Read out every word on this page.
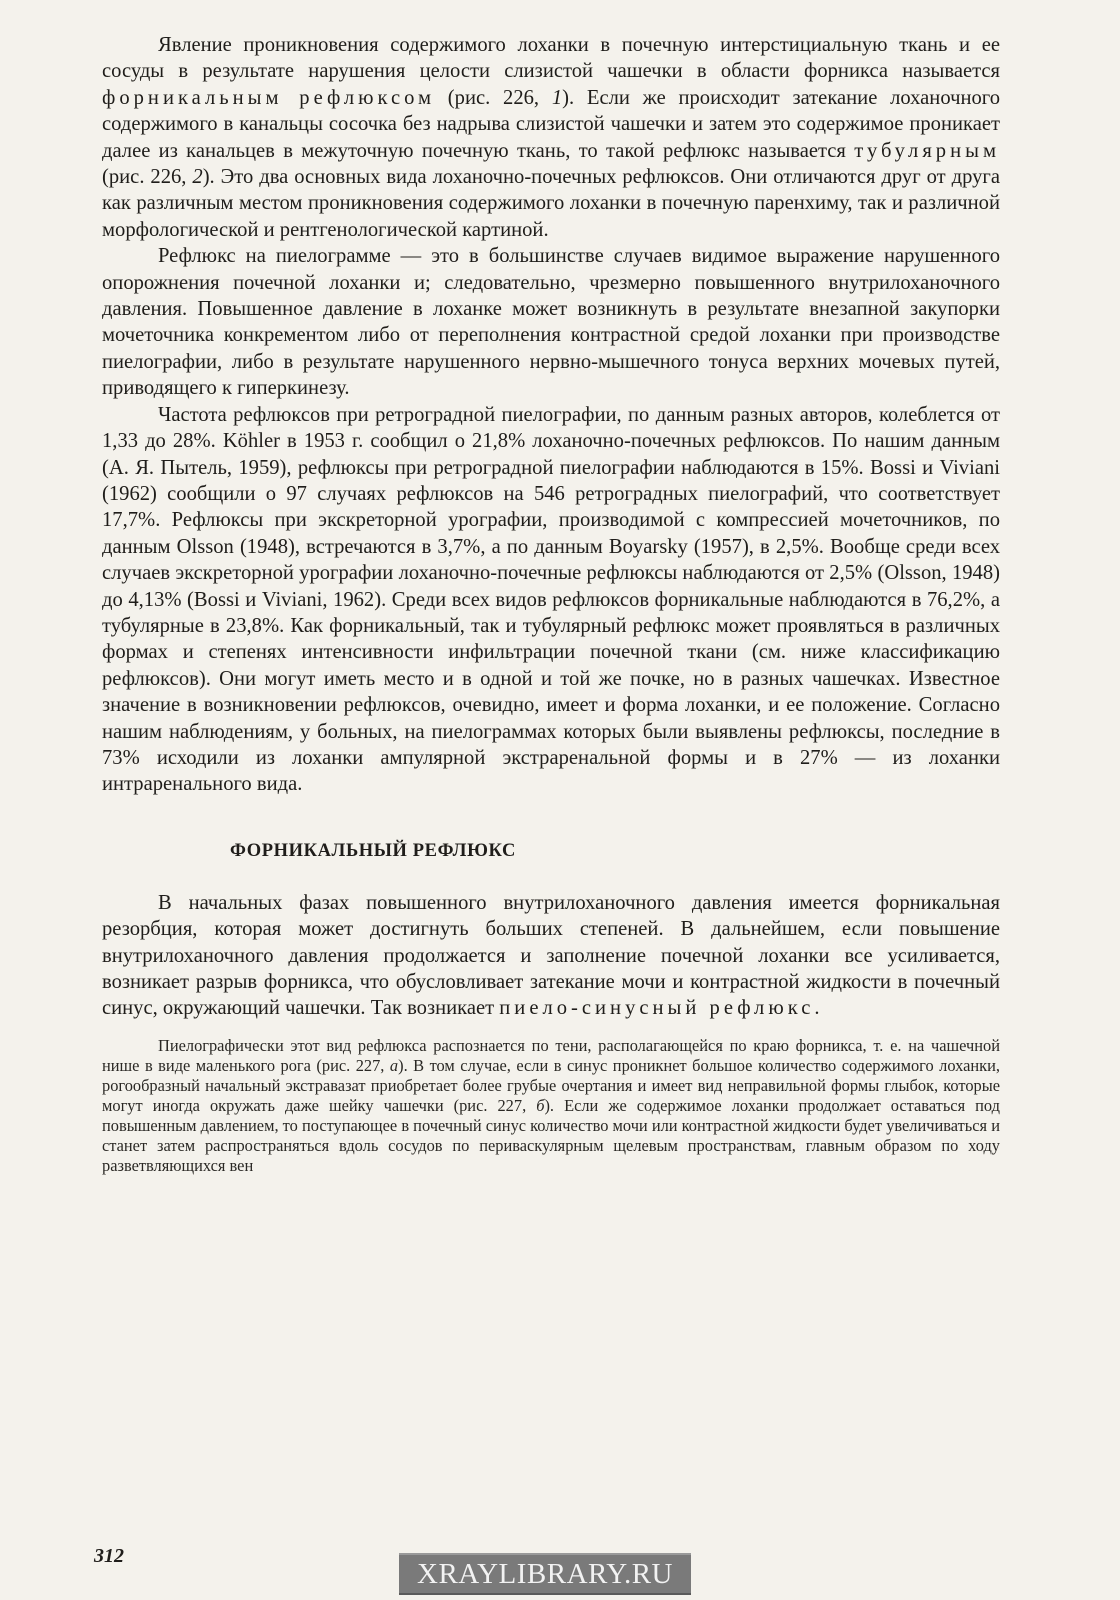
Явление проникновения содержимого лоханки в почечную интерстициальную ткань и ее сосуды в результате нарушения целости слизистой чашечки в области форникса называется форникальным рефлюксом (рис. 226, 1). Если же происходит затекание лоханочного содержимого в канальцы сосочка без надрыва слизистой чашечки и затем это содержимое проникает далее из канальцев в межуточную почечную ткань, то такой рефлюкс называется тубулярным (рис. 226, 2). Это два основных вида лоханочно-почечных рефлюксов. Они отличаются друг от друга как различным местом проникновения содержимого лоханки в почечную паренхиму, так и различной морфологической и рентгенологической картиной.

Рефлюкс на пиелограмме — это в большинстве случаев видимое выражение нарушенного опорожнения почечной лоханки и; следовательно, чрезмерно повышенного внутрилоханочного давления. Повышенное давление в лоханке может возникнуть в результате внезапной закупорки мочеточника конкрементом либо от переполнения контрастной средой лоханки при производстве пиелографии, либо в результате нарушенного нервно-мышечного тонуса верхних мочевых путей, приводящего к гиперкинезу.

Частота рефлюксов при ретроградной пиелографии, по данным разных авторов, колеблется от 1,33 до 28%. Köhler в 1953 г. сообщил о 21,8% лоханочно-почечных рефлюксов. По нашим данным (А. Я. Пытель, 1959), рефлюксы при ретроградной пиелографии наблюдаются в 15%. Bossi и Viviani (1962) сообщили о 97 случаях рефлюксов на 546 ретроградных пиелографий, что соответствует 17,7%. Рефлюксы при экскреторной урографии, производимой с компрессией мочеточников, по данным Olsson (1948), встречаются в 3,7%, а по данным Boyarsky (1957), в 2,5%. Вообще среди всех случаев экскреторной урографии лоханочно-почечные рефлюксы наблюдаются от 2,5% (Olsson, 1948) до 4,13% (Bossi и Viviani, 1962). Среди всех видов рефлюксов форникальные наблюдаются в 76,2%, а тубулярные в 23,8%. Как форникальный, так и тубулярный рефлюкс может проявляться в различных формах и степенях интенсивности инфильтрации почечной ткани (см. ниже классификацию рефлюксов). Они могут иметь место и в одной и той же почке, но в разных чашечках. Известное значение в возникновении рефлюксов, очевидно, имеет и форма лоханки, и ее положение. Согласно нашим наблюдениям, у больных, на пиелограммах которых были выявлены рефлюксы, последние в 73% исходили из лоханки ампулярной экстраренальной формы и в 27% — из лоханки интраренального вида.

ФОРНИКАЛЬНЫЙ РЕФЛЮКС

В начальных фазах повышенного внутрилоханочного давления имеется форникальная резорбция, которая может достигнуть больших степеней. В дальнейшем, если повышение внутрилоханочного давления продолжается и заполнение почечной лоханки все усиливается, возникает разрыв форникса, что обусловливает затекание мочи и контрастной жидкости в почечный синус, окружающий чашечки. Так возникает пиело-синусный рефлюкс.

Пиелографически этот вид рефлюкса распознается по тени, располагающейся по краю форникса, т. е. на чашечной нише в виде маленького рога (рис. 227, а). В том случае, если в синус проникнет большое количество содержимого лоханки, рогообразный начальный экстравазат приобретает более грубые очертания и имеет вид неправильной формы глыбок, которые могут иногда окружать даже шейку чашечки (рис. 227, б). Если же содержимое лоханки продолжает оставаться под повышенным давлением, то поступающее в почечный синус количество мочи или контрастной жидкости будет увеличиваться и станет затем распространяться вдоль сосудов по периваскулярным щелевым пространствам, главным образом по ходу разветвляющихся вен

312
XRAYLIBRARY.RU
